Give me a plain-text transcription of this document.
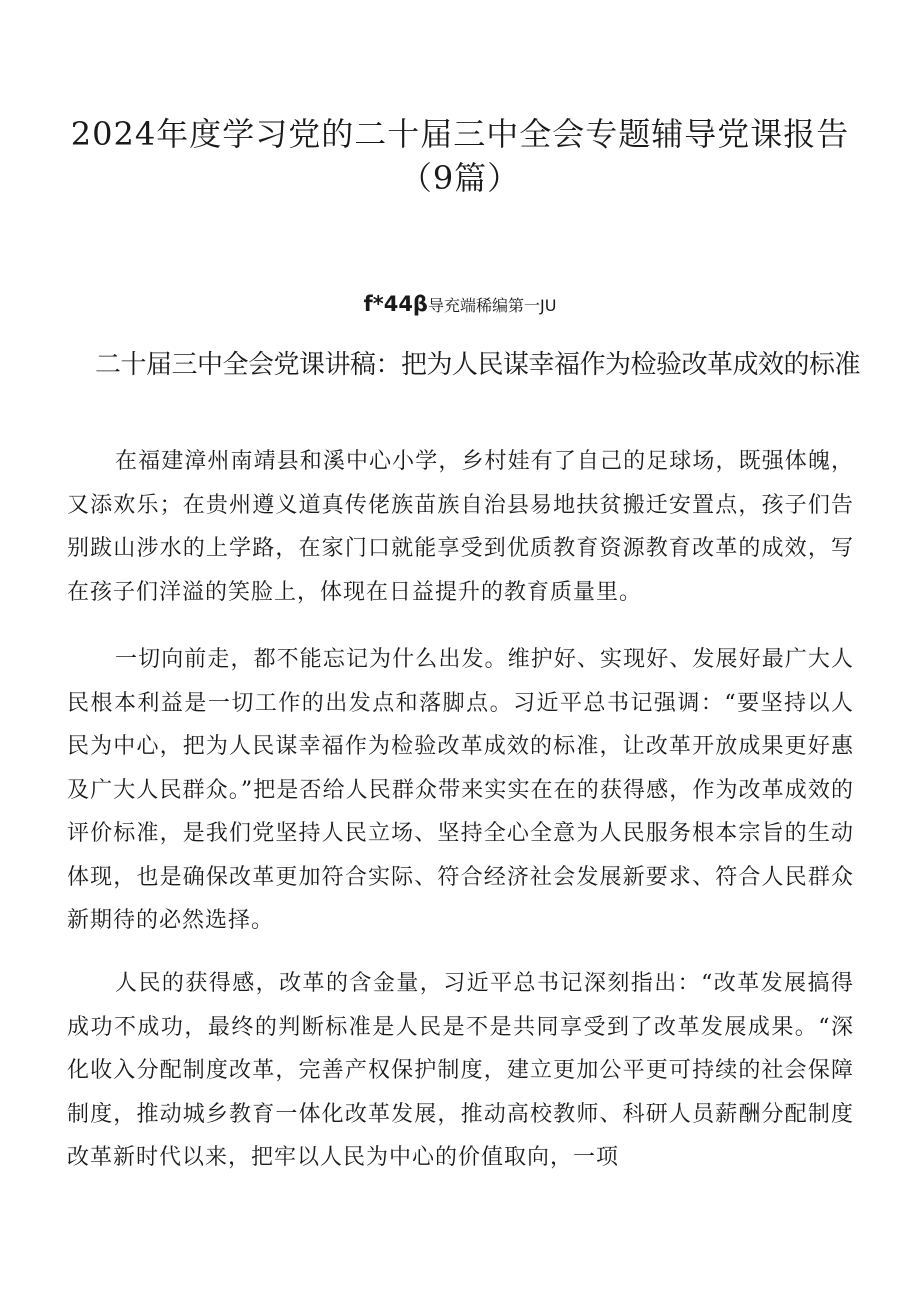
2024年度学习党的二十届三中全会专题辅导党课报告
（9篇）
f*44β导充端稀编第一JU
二十届三中全会党课讲稿：把为人民谋幸福作为检验改革成效的标准

在福建漳州南靖县和溪中心小学，乡村娃有了自己的足球场，既强体魄，又添欢乐；在贵州遵义道真传佬族苗族自治县易地扶贫搬迁安置点，孩子们告别跋山涉水的上学路，在家门口就能享受到优质教育资源教育改革的成效，写在孩子们洋溢的笑脸上，体现在日益提升的教育质量里。

一切向前走，都不能忘记为什么出发。维护好、实现好、发展好最广大人民根本利益是一切工作的出发点和落脚点。习近平总书记强调：“要坚持以人民为中心，把为人民谋幸福作为检验改革成效的标准，让改革开放成果更好惠及广大人民群众。”把是否给人民群众带来实实在在的获得感，作为改革成效的评价标准，是我们党坚持人民立场、坚持全心全意为人民服务根本宗旨的生动体现，也是确保改革更加符合实际、符合经济社会发展新要求、符合人民群众新期待的必然选择。

人民的获得感，改革的含金量，习近平总书记深刻指出：“改革发展搞得成功不成功，最终的判断标准是人民是不是共同享受到了改革发展成果。“深化收入分配制度改革，完善产权保护制度，建立更加公平更可持续的社会保障制度，推动城乡教育一体化改革发展，推动高校教师、科研人员薪酬分配制度改革新时代以来，把牢以人民为中心的价值取向，一项
